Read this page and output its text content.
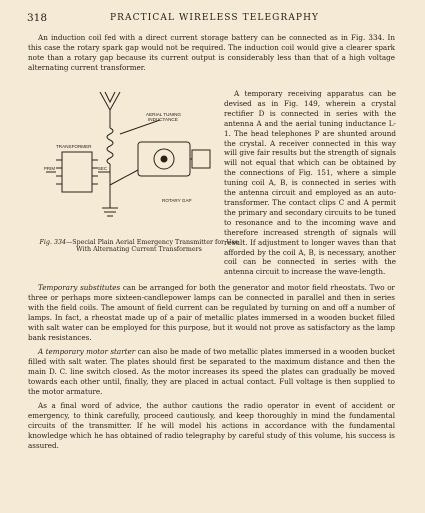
318	PRACTICAL WIRELESS TELEGRAPHY

An induction coil fed with a direct current storage battery can be connected as in Fig. 334. In this case the rotary spark gap would not be required. The induction coil would give a clearer spark note than a rotary gap because its current output is considerably less than that of a high voltage alternating current transformer.

A temporary receiving apparatus can be devised as in Fig. 149, wherein a crystal rectifier D is connected in series with the antenna A and the aerial tuning inductance L-1. The head telephones P are shunted around the crystal. A receiver connected in this way will give fair results but the strength of signals will not equal that which can be obtained by the connections of Fig. 151, where a simple tuning coil A, B, is connected in series with the antenna circuit and employed as an auto-transformer. The contact clips C and A permit the primary and secondary circuits to be tuned to resonance and to the incoming wave and therefore increased strength of signals will result. If adjustment to longer waves than that afforded by the coil A, B, is necessary, another coil can be connected in series with the antenna circuit to increase the wave-length.

AERIAL TUNING
INDUCTANCE
TRANSFORMER
PRIM	SEC
ROTARY GAP
Fig. 334—Special Plain Aerial Emergency Transmitter for Use With Alternating Current Transformers

Temporary substitutes can be arranged for both the generator and motor field rheostats. Two or three or perhaps more sixteen-candlepower lamps can be connected in parallel and then in series with the field coils. The amount of field current can be regulated by turning on and off a number of lamps. In fact, a rheostat made up of a pair of metallic plates immersed in a wooden bucket filled with salt water can be employed for this purpose, but it would not prove as satisfactory as the lamp bank resistances.

A temporary motor starter can also be made of two metallic plates immersed in a wooden bucket filled with salt water. The plates should first be separated to the maximum distance and then the main D. C. line switch closed. As the motor increases its speed the plates can gradually be moved towards each other until, finally, they are placed in actual contact. Full voltage is then supplied to the motor armature.

As a final word of advice, the author cautions the radio operator in event of accident or emergency, to think carefully, proceed cautiously, and keep thoroughly in mind the fundamental circuits of the transmitter. If he will model his actions in accordance with the fundamental knowledge which he has obtained of radio telegraphy by careful study of this volume, his success is assured.
